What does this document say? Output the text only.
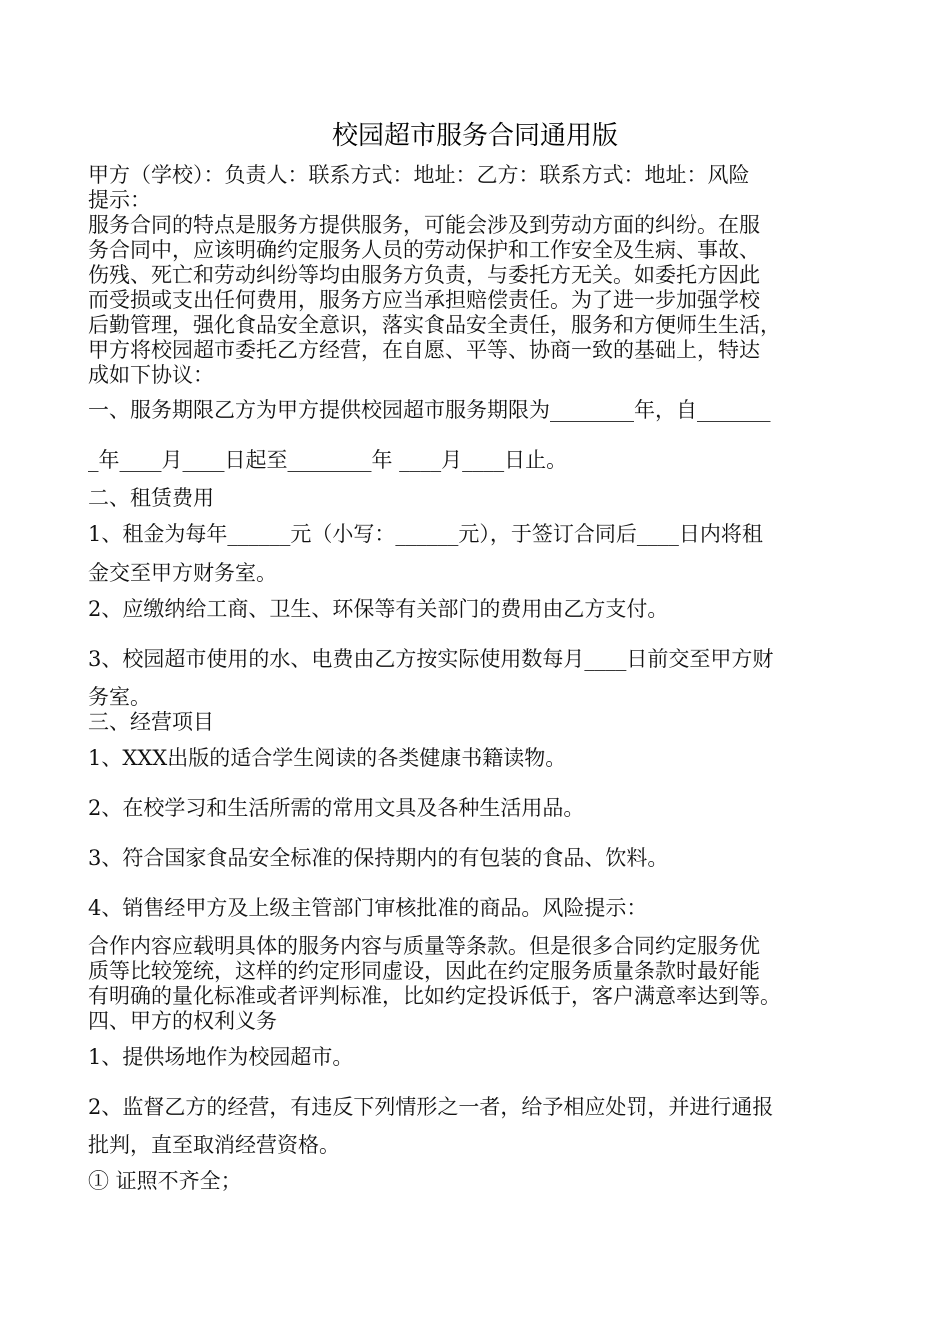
校园超市服务合同通用版
甲方（学校）：负责人：联系方式：地址：乙方：联系方式：地址：风险
提示：
服务合同的特点是服务方提供服务，可能会涉及到劳动方面的纠纷。在服
务合同中，应该明确约定服务人员的劳动保护和工作安全及生病、事故、
伤残、死亡和劳动纠纷等均由服务方负责，与委托方无关。如委托方因此
而受损或支出任何费用，服务方应当承担赔偿责任。为了进一步加强学校
后勤管理，强化食品安全意识，落实食品安全责任，服务和方便师生生活，
甲方将校园超市委托乙方经营，在自愿、平等、协商一致的基础上，特达
成如下协议：
一、服务期限乙方为甲方提供校园超市服务期限为________年，自_______
_年____月____日起至________年 ____月____日止。
二、租赁费用
1、租金为每年______元（小写：______元），于签订合同后____日内将租
金交至甲方财务室。
2、应缴纳给工商、卫生、环保等有关部门的费用由乙方支付。
3、校园超市使用的水、电费由乙方按实际使用数每月____日前交至甲方财
务室。
三、经营项目
1、XXX出版的适合学生阅读的各类健康书籍读物。
2、在校学习和生活所需的常用文具及各种生活用品。
3、符合国家食品安全标准的保持期内的有包装的食品、饮料。
4、销售经甲方及上级主管部门审核批准的商品。风险提示：
合作内容应载明具体的服务内容与质量等条款。但是很多合同约定服务优
质等比较笼统，这样的约定形同虚设，因此在约定服务质量条款时最好能
有明确的量化标准或者评判标准，比如约定投诉低于，客户满意率达到等。
四、甲方的权利义务
1、提供场地作为校园超市。
2、监督乙方的经营，有违反下列情形之一者，给予相应处罚，并进行通报
批判，直至取消经营资格。
① 证照不齐全；
